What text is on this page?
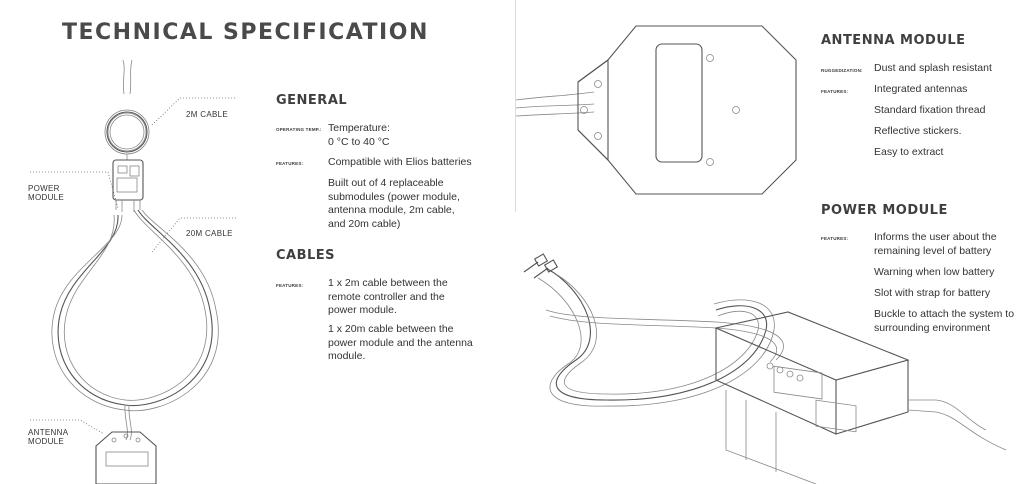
TECHNICAL SPECIFICATION
2M CABLE
POWER
MODULE
20M CABLE
ANTENNA
MODULE
GENERAL
OPERATING TEMP.: Temperature:
0 °C to 40 °C
FEATURES: Compatible with Elios batteries
Built out of 4 replaceable
submodules (power module,
antenna module, 2m cable,
and 20m cable)
CABLES
FEATURES: 1 x 2m cable between the
remote controller and the
power module.
1 x 20m cable between the
power module and the antenna
module.
ANTENNA MODULE
RUGGEDIZATION: Dust and splash resistant
FEATURES: Integrated antennas
Standard fixation thread
Reflective stickers.
Easy to extract
POWER MODULE
FEATURES: Informs the user about the
remaining level of battery
Warning when low battery
Slot with strap for battery
Buckle to attach the system to
surrounding environment
